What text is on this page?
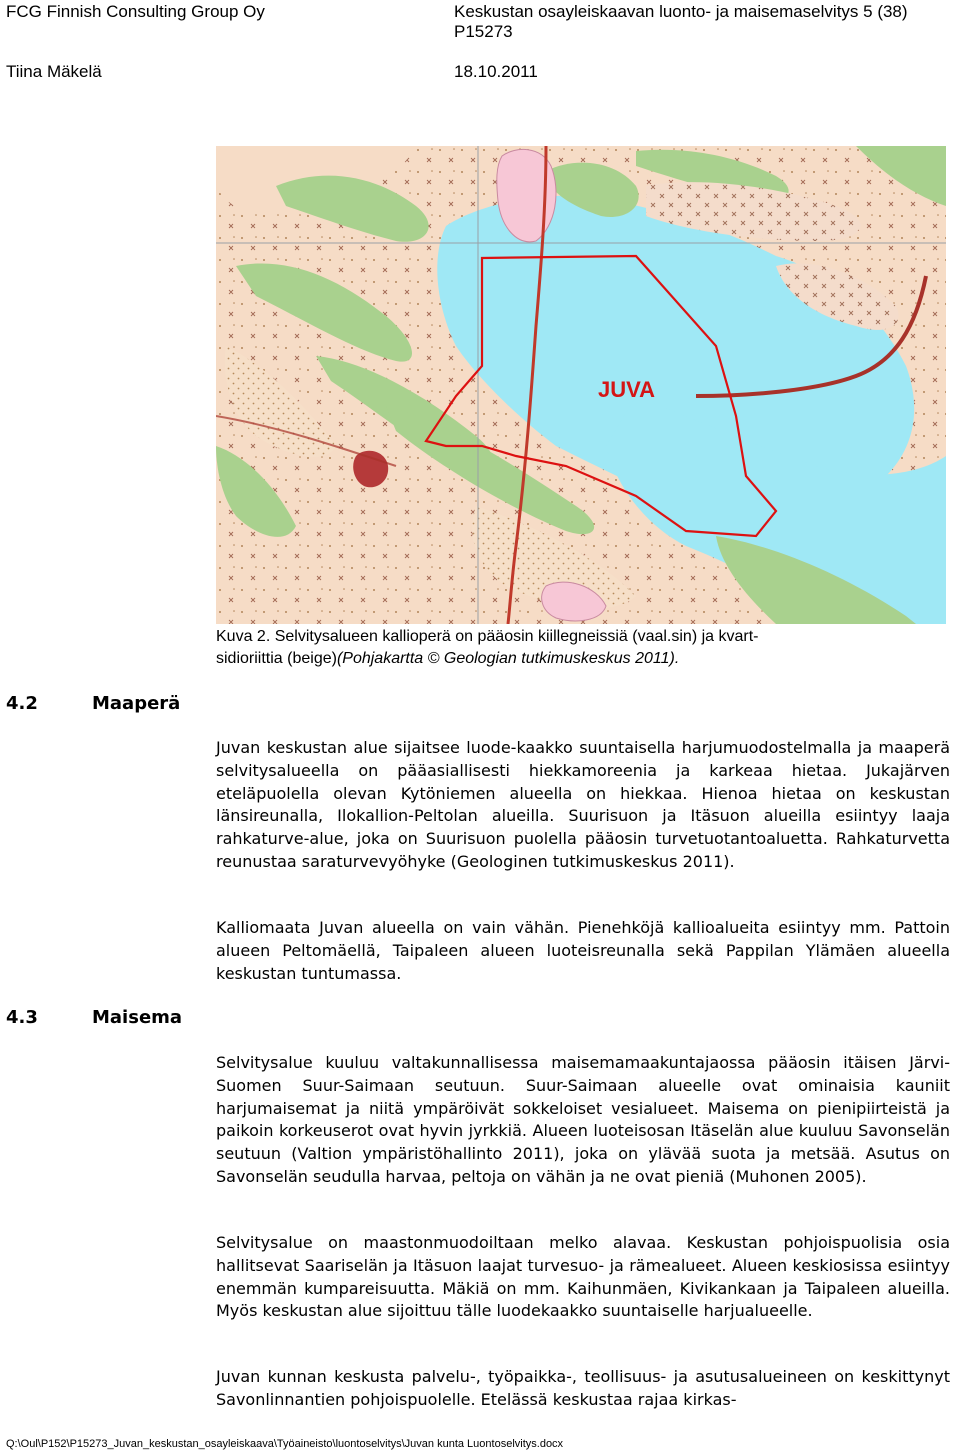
FCG Finnish Consulting Group Oy	Keskustan osayleiskaavan luonto- ja maisemaselvitys 5 (38)
P15273
Tiina Mäkelä	18.10.2011
JUVA
Kuva 2. Selvitysalueen kallioperä on pääosin kiillegneissiä (vaal.sin) ja kvart-
sidioriittia (beige)(Pohjakartta © Geologian tutkimuskeskus 2011).
4.2	Maaperä
Juvan keskustan alue sijaitsee luode-kaakko suuntaisella harjumuodostelmalla ja maaperä selvitysalueella on pääasiallisesti hiekkamoreenia ja karkeaa hietaa. Jukajärven eteläpuolella olevan Kytöniemen alueella on hiekkaa. Hienoa hietaa on keskustan länsireunalla, Ilokallion-Peltolan alueilla. Suurisuon ja Itäsuon alueilla esiintyy laaja rahkaturve-alue, joka on Suurisuon puolella pääosin turvetuotantoaluetta. Rahkaturvetta reunustaa saraturvevyöhyke (Geologinen tutkimuskeskus 2011).
Kalliomaata Juvan alueella on vain vähän. Pienehköjä kallioalueita esiintyy mm. Pattoin alueen Peltomäellä, Taipaleen alueen luoteisreunalla sekä Pappilan Ylämäen alueella keskustan tuntumassa.
4.3	Maisema
Selvitysalue kuuluu valtakunnallisessa maisemamaakuntajaossa pääosin itäisen Järvi-Suomen Suur-Saimaan seutuun. Suur-Saimaan alueelle ovat ominaisia kauniit harjumaisemat ja niitä ympäröivät sokkeloiset vesialueet. Maisema on pienipiirteistä ja paikoin korkeuserot ovat hyvin jyrkkiä. Alueen luoteisosan Itäselän alue kuuluu Savonselän seutuun (Valtion ympäristöhallinto 2011), joka on ylävää suota ja metsää. Asutus on Savonselän seudulla harvaa, peltoja on vähän ja ne ovat pieniä (Muhonen 2005).
Selvitysalue on maastonmuodoiltaan melko alavaa. Keskustan pohjoispuolisia osia hallitsevat Saariselän ja Itäsuon laajat turvesuo- ja rämealueet. Alueen keskiosissa esiintyy enemmän kumpareisuutta. Mäkiä on mm. Kaihunmäen, Kivikankaan ja Taipaleen alueilla. Myös keskustan alue sijoittuu tälle luodekaakko suuntaiselle harjualueelle.
Juvan kunnan keskusta palvelu-, työpaikka-, teollisuus- ja asutusalueineen on keskittynyt Savonlinnantien pohjoispuolelle. Etelässä keskustaa rajaa kirkas-
Q:\Oul\P152\P15273_Juvan_keskustan_osayleiskaava\Työaineisto\luontoselvitys\Juvan kunta Luontoselvitys.docx
